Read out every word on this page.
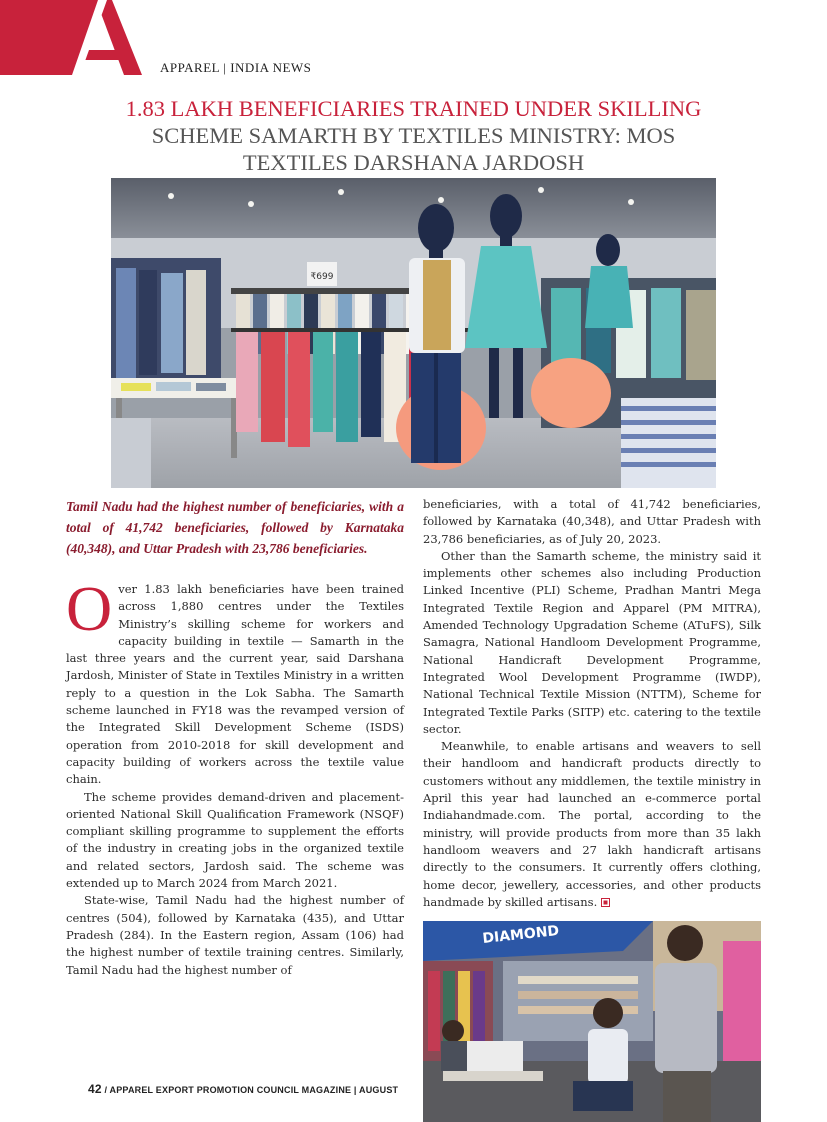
APPAREL | INDIA NEWS
1.83 LAKH BENEFICIARIES TRAINED UNDER SKILLING
SCHEME SAMARTH BY TEXTILES MINISTRY: MOS
TEXTILES DARSHANA JARDOSH
₹699

Tamil Nadu had the highest number of beneficiaries, with a total of 41,742 beneficiaries, followed by Karnataka (40,348), and Uttar Pradesh with 23,786 beneficiaries.

Over 1.83 lakh beneficiaries have been trained across 1,880 centres under the Textiles Ministry’s skilling scheme for workers and capacity building in textile — Samarth in the last three years and the current year, said Darshana Jardosh, Minister of State in Textiles Ministry in a written reply to a question in the Lok Sabha. The Samarth scheme launched in FY18 was the revamped version of the Integrated Skill Development Scheme (ISDS) operation from 2010-2018 for skill development and capacity building of workers across the textile value chain.

The scheme provides demand-driven and placement-oriented National Skill Qualification Framework (NSQF) compliant skilling programme to supplement the efforts of the industry in creating jobs in the organized textile and related sectors, Jardosh said. The scheme was extended up to March 2024 from March 2021.

State-wise, Tamil Nadu had the highest number of centres (504), followed by Karnataka (435), and Uttar Pradesh (284). In the Eastern region, Assam (106) had the highest number of textile training centres. Similarly, Tamil Nadu had the highest number of

beneficiaries, with a total of 41,742 beneficiaries, followed by Karnataka (40,348), and Uttar Pradesh with 23,786 beneficiaries, as of July 20, 2023.

Other than the Samarth scheme, the ministry said it implements other schemes also including Production Linked Incentive (PLI) Scheme, Pradhan Mantri Mega Integrated Textile Region and Apparel (PM MITRA), Amended Technology Upgradation Scheme (ATuFS), Silk Samagra, National Handloom Development Programme, National Handicraft Development Programme, Integrated Wool Development Programme (IWDP), National Technical Textile Mission (NTTM), Scheme for Integrated Textile Parks (SITP) etc. catering to the textile sector.

Meanwhile, to enable artisans and weavers to sell their handloom and handicraft products directly to customers without any middlemen, the textile ministry in April this year had launched an e-commerce portal Indiahandmade.com. The portal, according to the ministry, will provide products from more than 35 lakh handloom weavers and 27 lakh handicraft artisans directly to the consumers. It currently offers clothing, home decor, jewellery, accessories, and other products handmade by skilled artisans.

DIAMOND
42 / APPAREL EXPORT PROMOTION COUNCIL MAGAZINE | AUGUST
